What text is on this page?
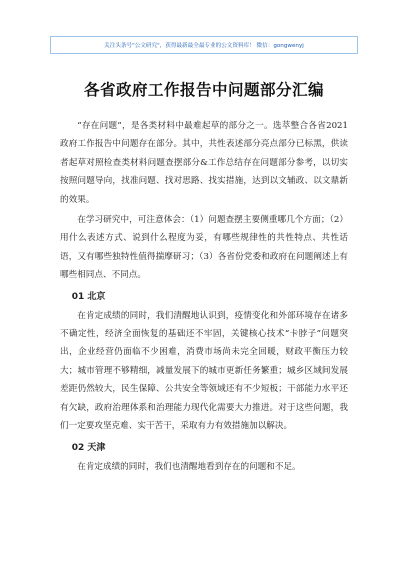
关注头条号"公文研究"，获得最新最全最专业的公文资料库！ 微信：gongwenyj
各省政府工作报告中问题部分汇编

“存在问题”，是各类材料中最难起草的部分之一。选萃整合各省2021政府工作报告中问题存在部分。其中，共性表述部分亮点部分已标黑，供读者起草对照检查类材料问题查摆部分&工作总结存在问题部分参考，以切实按照问题导向，找准问题、找对思路、找实措施，达到以文辅政、以文鼎新的效果。

在学习研究中，可注意体会：（1）问题查摆主要侧重哪几个方面；（2）用什么表述方式、说到什么程度为妥，有哪些规律性的共性特点、共性话语，又有哪些独特性值得揣摩研习；（3）各省份党委和政府在问题阐述上有哪些相同点、不同点。

01 北京

在肯定成绩的同时，我们清醒地认识到，疫情变化和外部环境存在诸多不确定性，经济全面恢复的基础还不牢固，关键核心技术“卡脖子”问题突出，企业经营仍面临不少困难，消费市场尚未完全回暖，财政平衡压力较大；城市管理不够精细，减量发展下的城市更新任务繁重；城乡区域间发展差距仍然较大，民生保障、公共安全等领域还有不少短板；干部能力水平还有欠缺，政府治理体系和治理能力现代化需要大力推进。对于这些问题，我们一定要攻坚克难、实干苦干，采取有力有效措施加以解决。

02 天津

在肯定成绩的同时，我们也清醒地看到存在的问题和不足。
